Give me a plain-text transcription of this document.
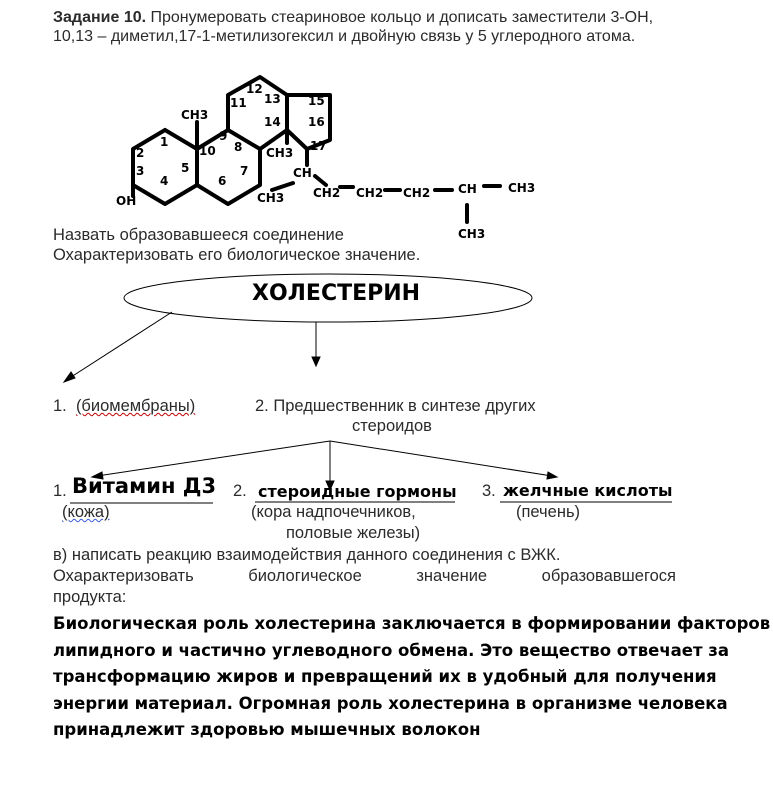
Задание 10. Пронумеровать стеариновое кольцо и дописать заместители 3-ОН,
10,13 – диметил,17-1-метилизогексил и двойную связь у 5 углеродного атома.
1
2
3
4
5
6
7
8
9
10
11
12
13
14
15
16
17
OH
CH3
CH3
CH
CH3 CH2 CH2 CH2 CH	CH3
CH3
Назвать образовавшееся соединение
Охарактеризовать его биологическое значение.
ХОЛЕСТЕРИН
1. (биомембраны)	2. Предшественник в синтезе других
стероидов
1. Витамин Д3
(кожа)
2. стероидные гормоны
(кора надпочечников,
половые железы)
3. желчные кислоты
(печень)
в) написать реакцию взаимодействия данного соединения с ВЖК.
Охарактеризовать	биологическое	значение	образовавшегося
продукта:
Биологическая роль холестерина заключается в формировании факторов
липидного и частично углеводного обмена. Это вещество отвечает за
трансформацию жиров и превращений их в удобный для получения
энергии материал. Огромная роль холестерина в организме человека
принадлежит здоровью мышечных волокон
